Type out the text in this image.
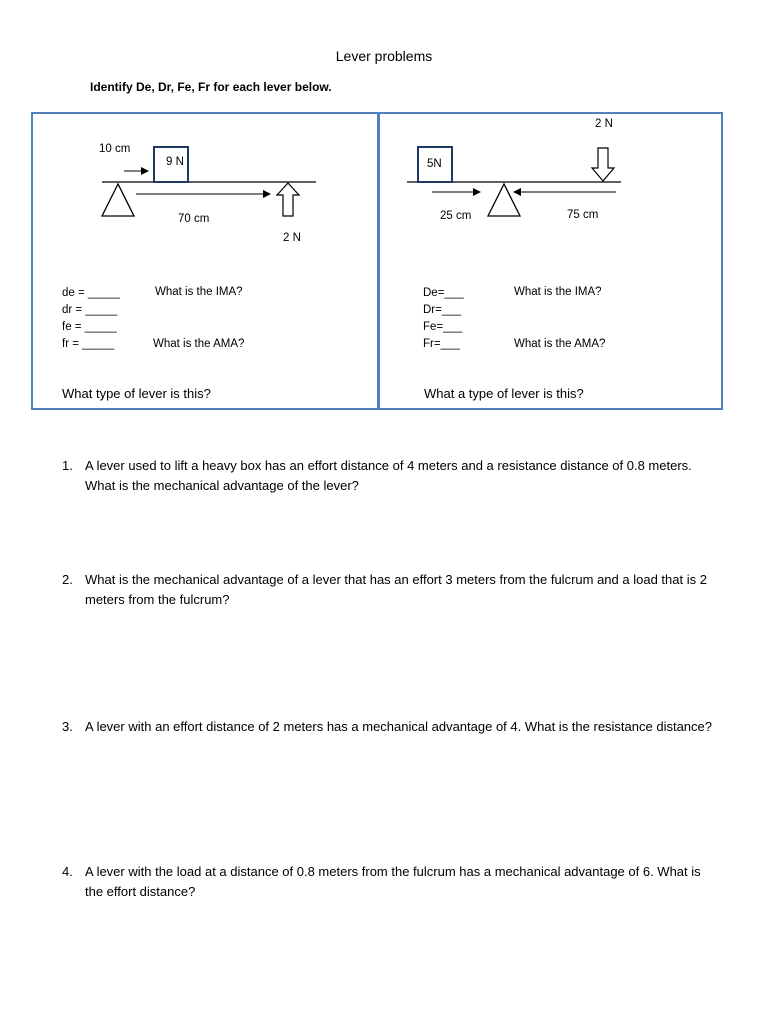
Lever problems
Identify De, Dr, Fe, Fr for each lever below.
10 cm
9 N
70 cm
2 N
de = _____
dr = _____
fe = _____
fr = _____
What is the IMA?
What is the AMA?
What type of lever is this?
2 N
5N
25 cm	75 cm
De=___
Dr=___
Fe=___
Fr=___
What is the IMA?
What is the AMA?
What a type of lever is this?
1. A lever used to lift a heavy box has an effort distance of 4 meters and a resistance distance of 0.8 meters. What is the mechanical advantage of the lever?
2. What is the mechanical advantage of a lever that has an effort 3 meters from the fulcrum and a load that is 2 meters from the fulcrum?
3. A lever with an effort distance of 2 meters has a mechanical advantage of 4. What is the resistance distance?
4. A lever with the load at a distance of 0.8 meters from the fulcrum has a mechanical advantage of 6. What is the effort distance?
